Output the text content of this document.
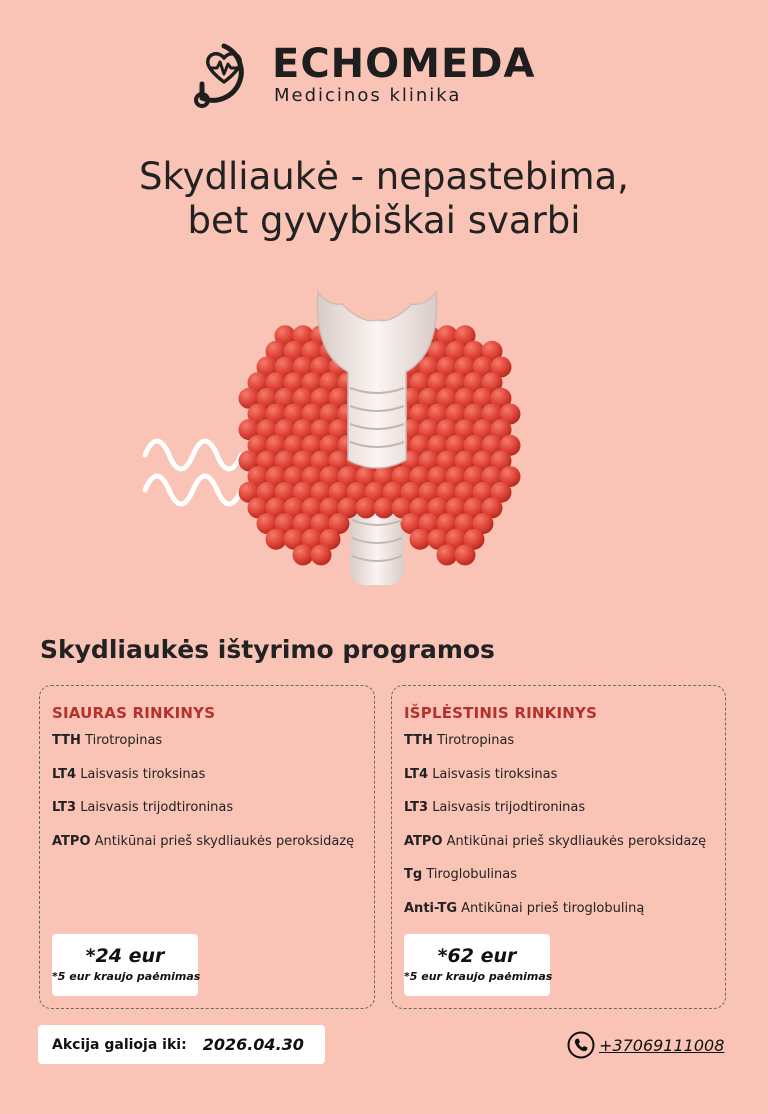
ECHOMEDA
Medicinos klinika
Skydliaukė - nepastebima,
bet gyvybiškai svarbi
Skydliaukės ištyrimo programos
SIAURAS RINKINYS
TTH Tirotropinas
LT4 Laisvasis tiroksinas
LT3 Laisvasis trijodtironinas
ATPO Antikūnai prieš skydliaukės peroksidazę
*24 eur
*5 eur kraujo paėmimas
IŠPLĖSTINIS RINKINYS
TTH Tirotropinas
LT4 Laisvasis tiroksinas
LT3 Laisvasis trijodtironinas
ATPO Antikūnai prieš skydliaukės peroksidazę
Tg Tiroglobulinas
Anti-TG Antikūnai prieš tiroglobuliną
*62 eur
*5 eur kraujo paėmimas
Akcija galioja iki: 2026.04.30	+37069111008
